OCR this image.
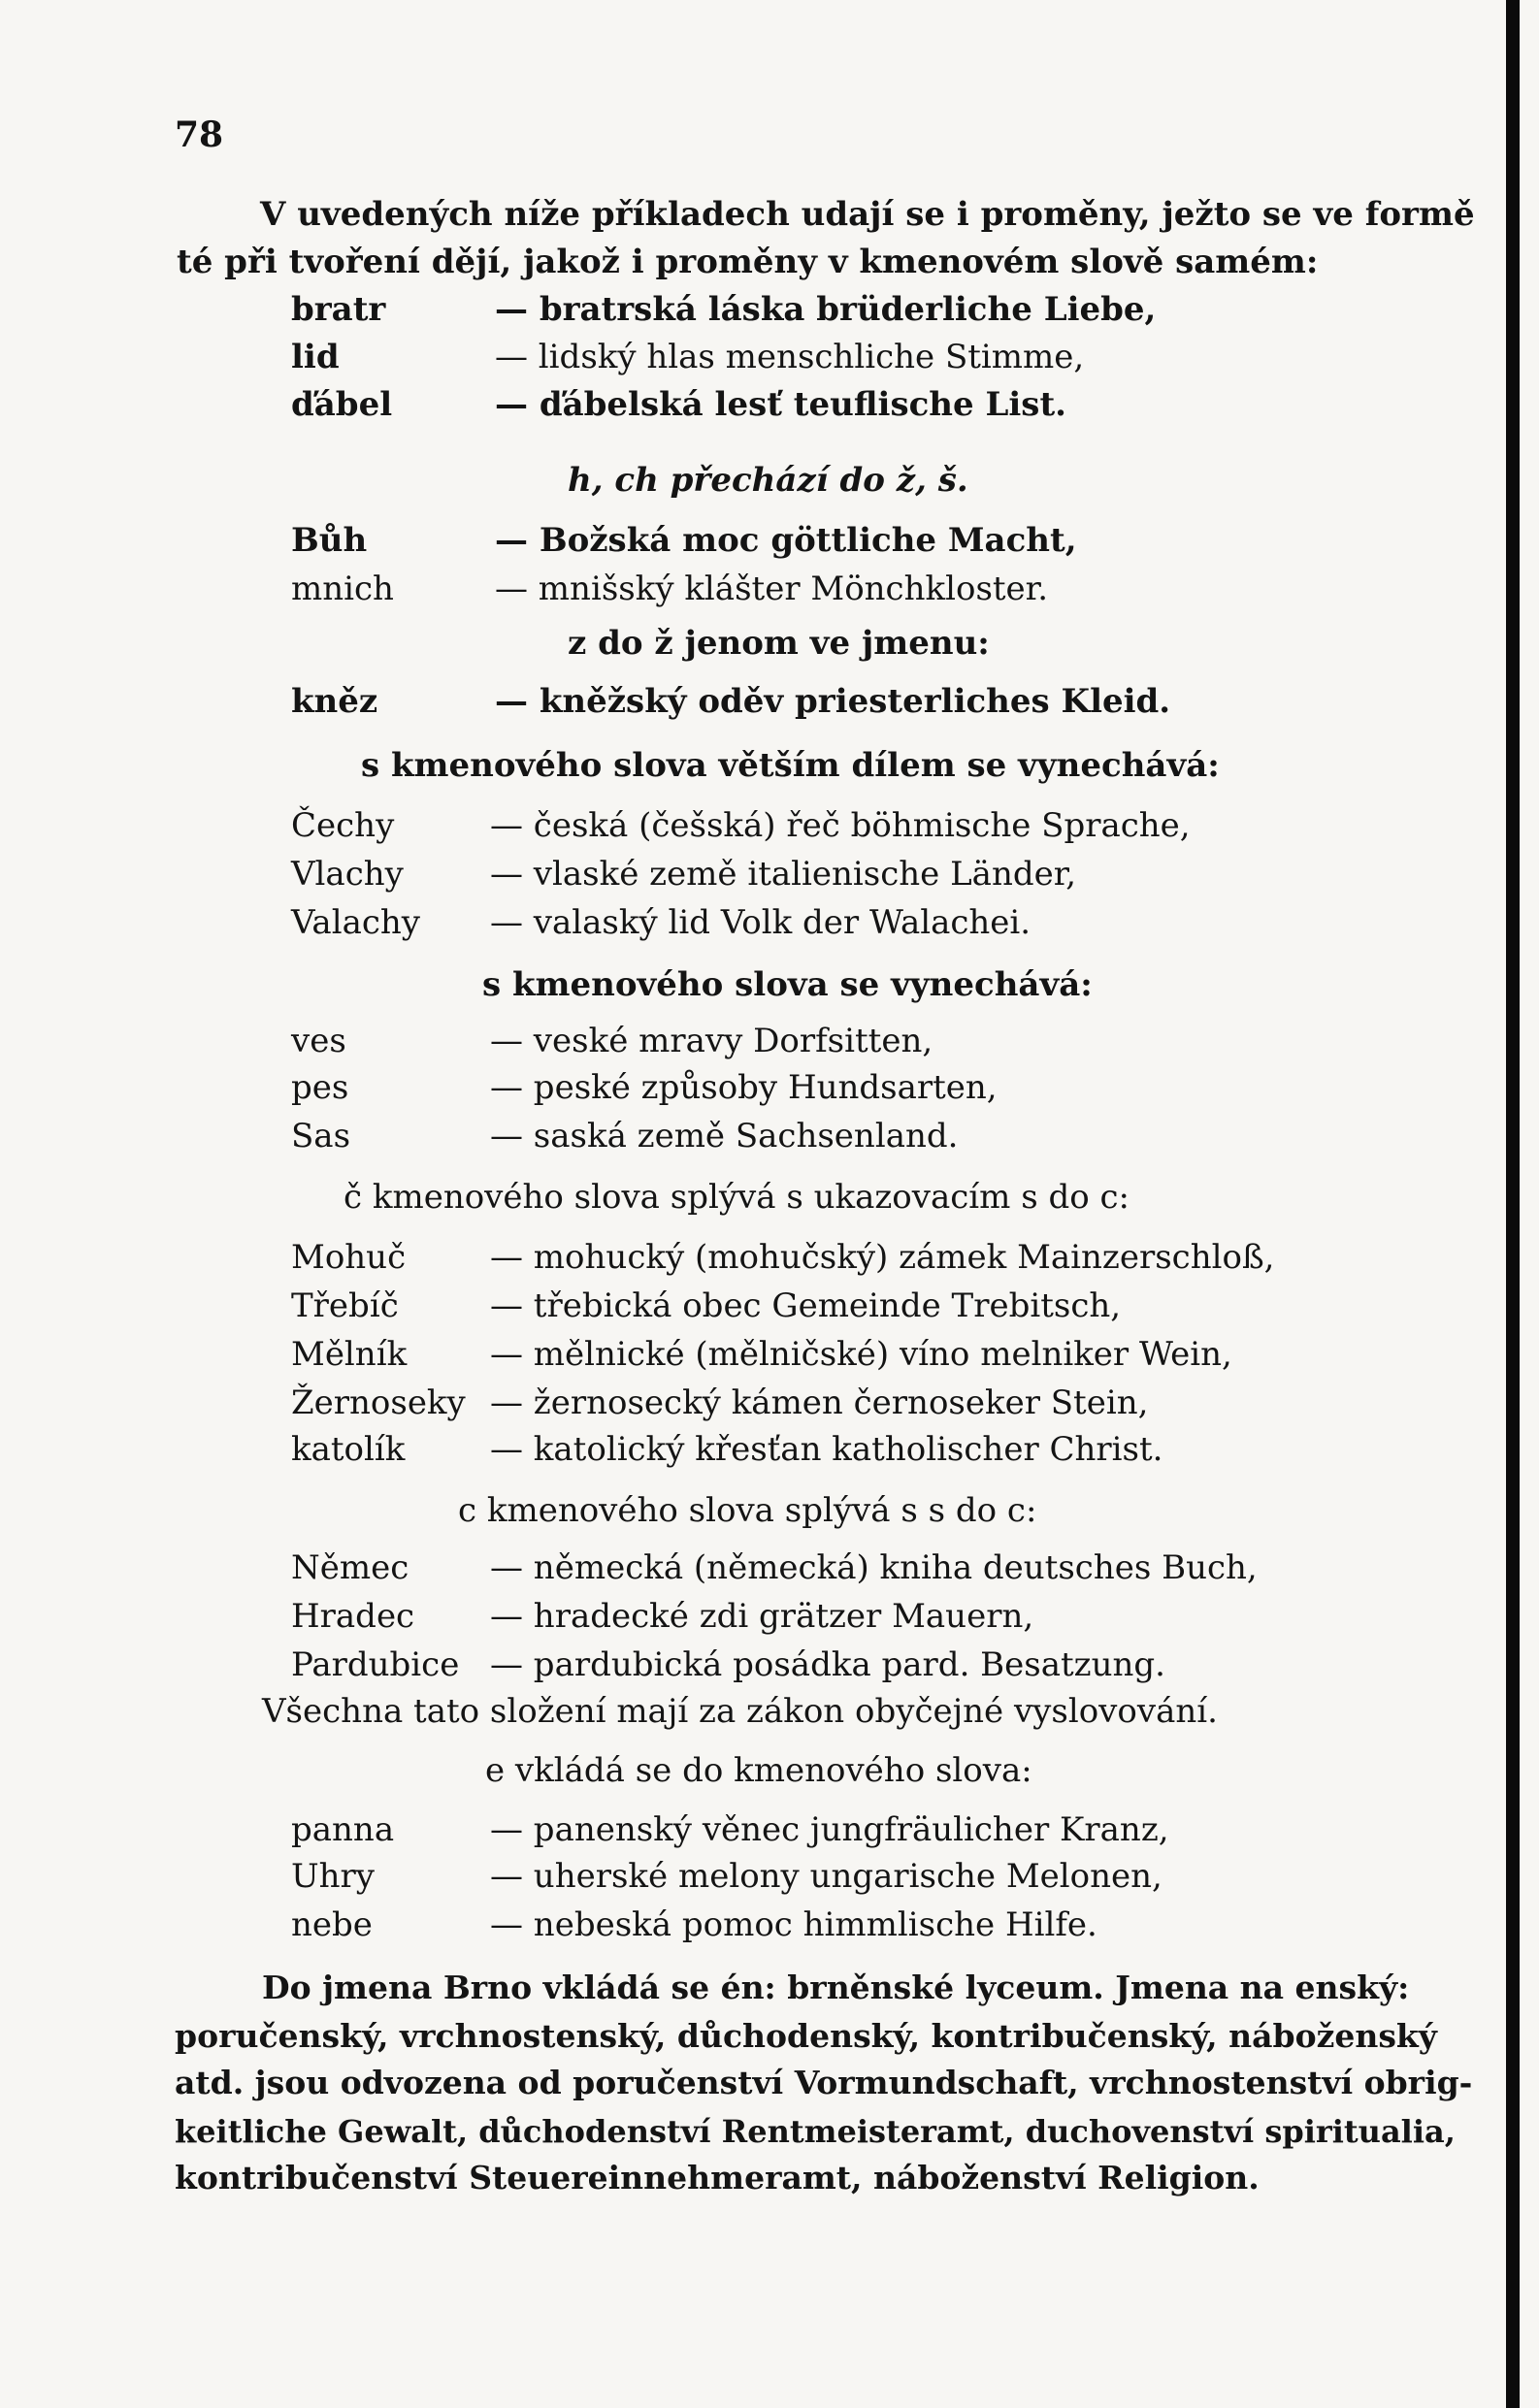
78
V uvedených níže příkladech udají se i proměny, ježto se ve formě
té při tvoření dějí, jakož i proměny v kmenovém slově samém:
bratr	— bratrská láska brüderliche Liebe,
lid	— lidský hlas menschliche Stimme,
ďábel	— ďábelská lesť teuflische List.
h, ch přechází do ž, š.
Bůh	— Božská moc göttliche Macht,
mnich	— mnišský klášter Mönchkloster.
z do ž jenom ve jmenu:
kněz	— kněžský oděv priesterliches Kleid.
s kmenového slova větším dílem se vynechává:
Čechy	— česká (češská) řeč böhmische Sprache,
Vlachy	— vlaské země italienische Länder,
Valachy — valaský lid Volk der Walachei.
s kmenového slova se vynechává:
ves	— veské mravy Dorfsitten,
pes	— peské způsoby Hundsarten,
Sas	— saská země Sachsenland.
č kmenového slova splývá s ukazovacím s do c:
Mohuč	— mohucký (mohučský) zámek Mainzerschloß,
Třebíč	— třebická obec Gemeinde Trebitsch,
Mělník	— mělnické (mělničské) víno melniker Wein,
Žernoseky — žernosecký kámen černoseker Stein,
katolík	— katolický křesťan katholischer Christ.
c kmenového slova splývá s s do c:
Němec — německá (německá) kniha deutsches Buch,
Hradec — hradecké zdi grätzer Mauern,
Pardubice — pardubická posádka pard. Besatzung.
Všechna tato složení mají za zákon obyčejné vyslovování.
e vkládá se do kmenového slova:
panna	— panenský věnec jungfräulicher Kranz,
Uhry	— uherské melony ungarische Melonen,
nebe	— nebeská pomoc himmlische Hilfe.
Do jmena Brno vkládá se én: brněnské lyceum. Jmena na enský:
poručenský, vrchnostenský, důchodenský, kontribučenský, náboženský
atd. jsou odvozena od poručenství Vormundschaft, vrchnostenství obrig-
keitliche Gewalt, důchodenství Rentmeisteramt, duchovenství spiritualia,
kontribučenství Steuereinnehmeramt, náboženství Religion.
